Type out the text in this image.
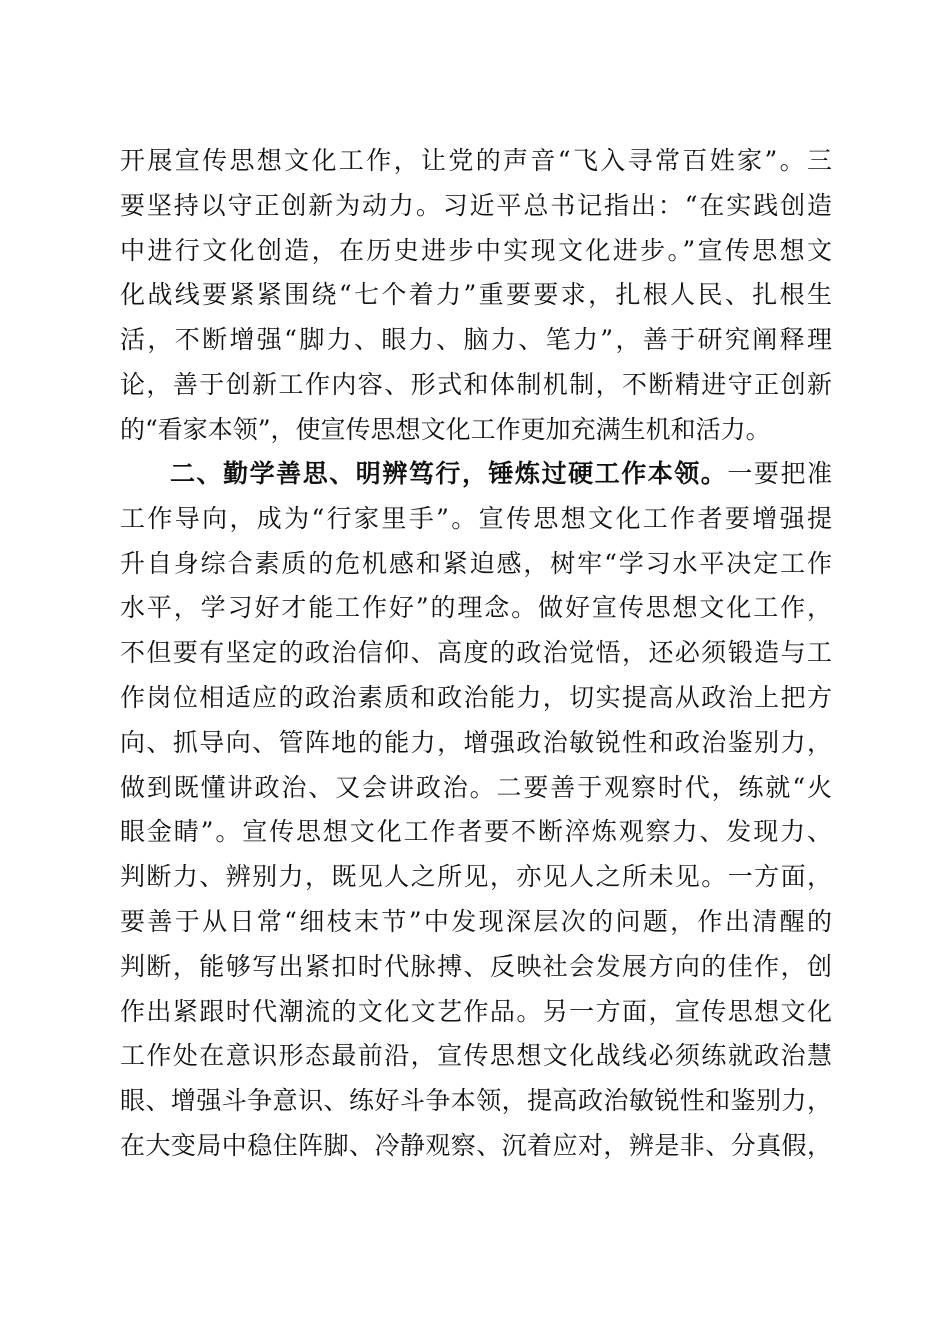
开展宣传思想文化工作，让党的声音“飞入寻常百姓家”。三
要坚持以守正创新为动力。习近平总书记指出：“在实践创造
中进行文化创造，在历史进步中实现文化进步。”宣传思想文
化战线要紧紧围绕“七个着力”重要要求，扎根人民、扎根生
活，不断增强“脚力、眼力、脑力、笔力”，善于研究阐释理
论，善于创新工作内容、形式和体制机制，不断精进守正创新
的“看家本领”，使宣传思想文化工作更加充满生机和活力。
二、勤学善思、明辨笃行，锤炼过硬工作本领。一要把准
工作导向，成为“行家里手”。宣传思想文化工作者要增强提
升自身综合素质的危机感和紧迫感，树牢“学习水平决定工作
水平，学习好才能工作好”的理念。做好宣传思想文化工作，
不但要有坚定的政治信仰、高度的政治觉悟，还必须锻造与工
作岗位相适应的政治素质和政治能力，切实提高从政治上把方
向、抓导向、管阵地的能力，增强政治敏锐性和政治鉴别力，
做到既懂讲政治、又会讲政治。二要善于观察时代，练就“火
眼金睛”。宣传思想文化工作者要不断淬炼观察力、发现力、
判断力、辨别力，既见人之所见，亦见人之所未见。一方面，
要善于从日常“细枝末节”中发现深层次的问题，作出清醒的
判断，能够写出紧扣时代脉搏、反映社会发展方向的佳作，创
作出紧跟时代潮流的文化文艺作品。另一方面，宣传思想文化
工作处在意识形态最前沿，宣传思想文化战线必须练就政治慧
眼、增强斗争意识、练好斗争本领，提高政治敏锐性和鉴别力，
在大变局中稳住阵脚、冷静观察、沉着应对，辨是非、分真假，
